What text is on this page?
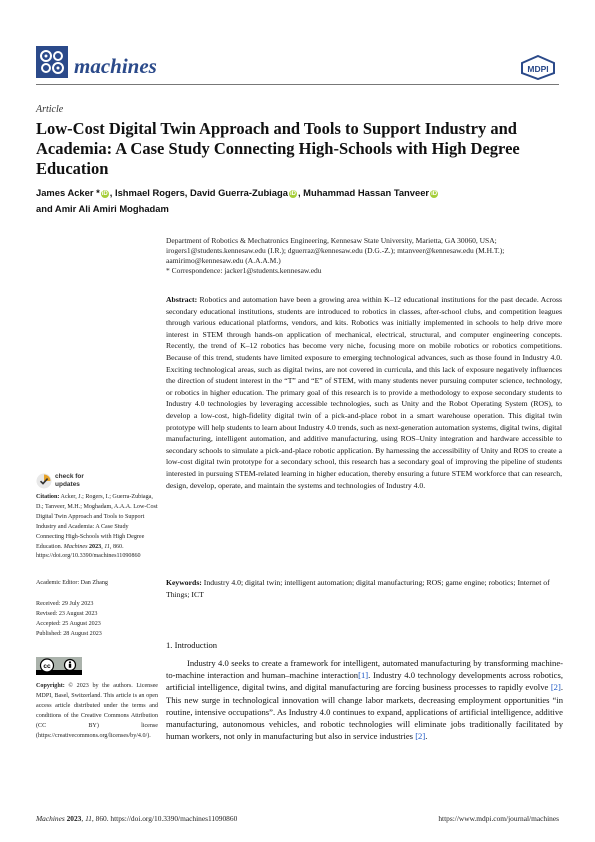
machines	MDPI
Article
Low-Cost Digital Twin Approach and Tools to Support Industry and Academia: A Case Study Connecting High-Schools with High Degree Education
James Acker * iD , Ishmael Rogers, David Guerra-Zubiaga iD , Muhammad Hassan Tanveer iD
and Amir Ali Amiri Moghadam
Department of Robotics & Mechatronics Engineering, Kennesaw State University, Marietta, GA 30060, USA;
irogers1@students.kennesaw.edu (I.R.); dguerraz@kennesaw.edu (D.G.-Z.); mtanveer@kennesaw.edu (M.H.T.);
aamirimo@kennesaw.edu (A.A.A.M.)
* Correspondence: jacker1@students.kennesaw.edu
Abstract: Robotics and automation have been a growing area within K–12 educational institutions for the past decade. Across secondary educational institutions, students are introduced to robotics in classes, after-school clubs, and competition leagues through various educational platforms, vendors, and kits. Robotics was initially implemented in schools to help drive more interest in STEM through hands-on application of mechanical, electrical, structural, and computer engineering concepts. Recently, the trend of K–12 robotics has become very niche, focusing more on mobile robotics or robotics competitions. Because of this trend, students have limited exposure to emerging technological advances, such as those found in Industry 4.0. Exciting technological areas, such as digital twins, are not covered in curricula, and this lack of exposure negatively influences the direction of student interest in the “T” and “E” of STEM, with many students never pursuing computer science, technology, or robotics in higher education. The primary goal of this research is to provide a methodology to expose secondary students to Industry 4.0 technologies by leveraging accessible technologies, such as Unity and the Robot Operating System (ROS), to develop a low-cost, high-fidelity digital twin of a pick-and-place robot in a smart warehouse operation. This digital twin prototype will help students to learn about Industry 4.0 trends, such as next-generation automation systems, digital twins, digital manufacturing, intelligent automation, and additive manufacturing, using ROS–Unity integration and hardware accessible to secondary schools to simulate a pick-and-place robotic application. By harnessing the accessibility of Unity and ROS to create a low-cost digital twin prototype for a secondary school, this research has a secondary goal of improving the pipeline of students interested in pursuing STEM-related learning in higher education, thereby ensuring a future STEM workforce that can research, design, develop, operate, and maintain the systems and technologies of Industry 4.0.
Keywords: Industry 4.0; digital twin; intelligent automation; digital manufacturing; ROS; game engine; robotics; Internet of Things; ICT
check for
updates
Citation: Acker, J.; Rogers, I.; Guerra-Zubiaga, D.; Tanveer, M.H.; Moghadam, A.A.A. Low-Cost Digital Twin Approach and Tools to Support Industry and Academia: A Case Study Connecting High-Schools with High Degree Education. Machines 2023, 11, 860. https://doi.org/10.3390/machines11090860
Academic Editor: Dan Zhang
Received: 29 July 2023
Revised: 23 August 2023
Accepted: 25 August 2023
Published: 28 August 2023
cc
Copyright: © 2023 by the authors. Licensee MDPI, Basel, Switzerland. This article is an open access article distributed under the terms and conditions of the Creative Commons Attribution (CC BY) license (https://creativecommons.org/licenses/by/4.0/).
1. Introduction
Industry 4.0 seeks to create a framework for intelligent, automated manufacturing by transforming machine-to-machine interaction and human–machine interaction[1]. Industry 4.0 technology developments across robotics, artificial intelligence, digital twins, and digital manufacturing are forcing business processes to rapidly evolve [2]. This new surge in technological innovation will change labor markets, decreasing employment opportunities “in routine, intensive occupations”. As Industry 4.0 continues to expand, applications of artificial intelligence, additive manufacturing, autonomous vehicles, and robotic technologies will eliminate jobs traditionally facilitated by human workers, not only in manufacturing but also in service industries [2].
Machines 2023, 11, 860. https://doi.org/10.3390/machines11090860	https://www.mdpi.com/journal/machines
